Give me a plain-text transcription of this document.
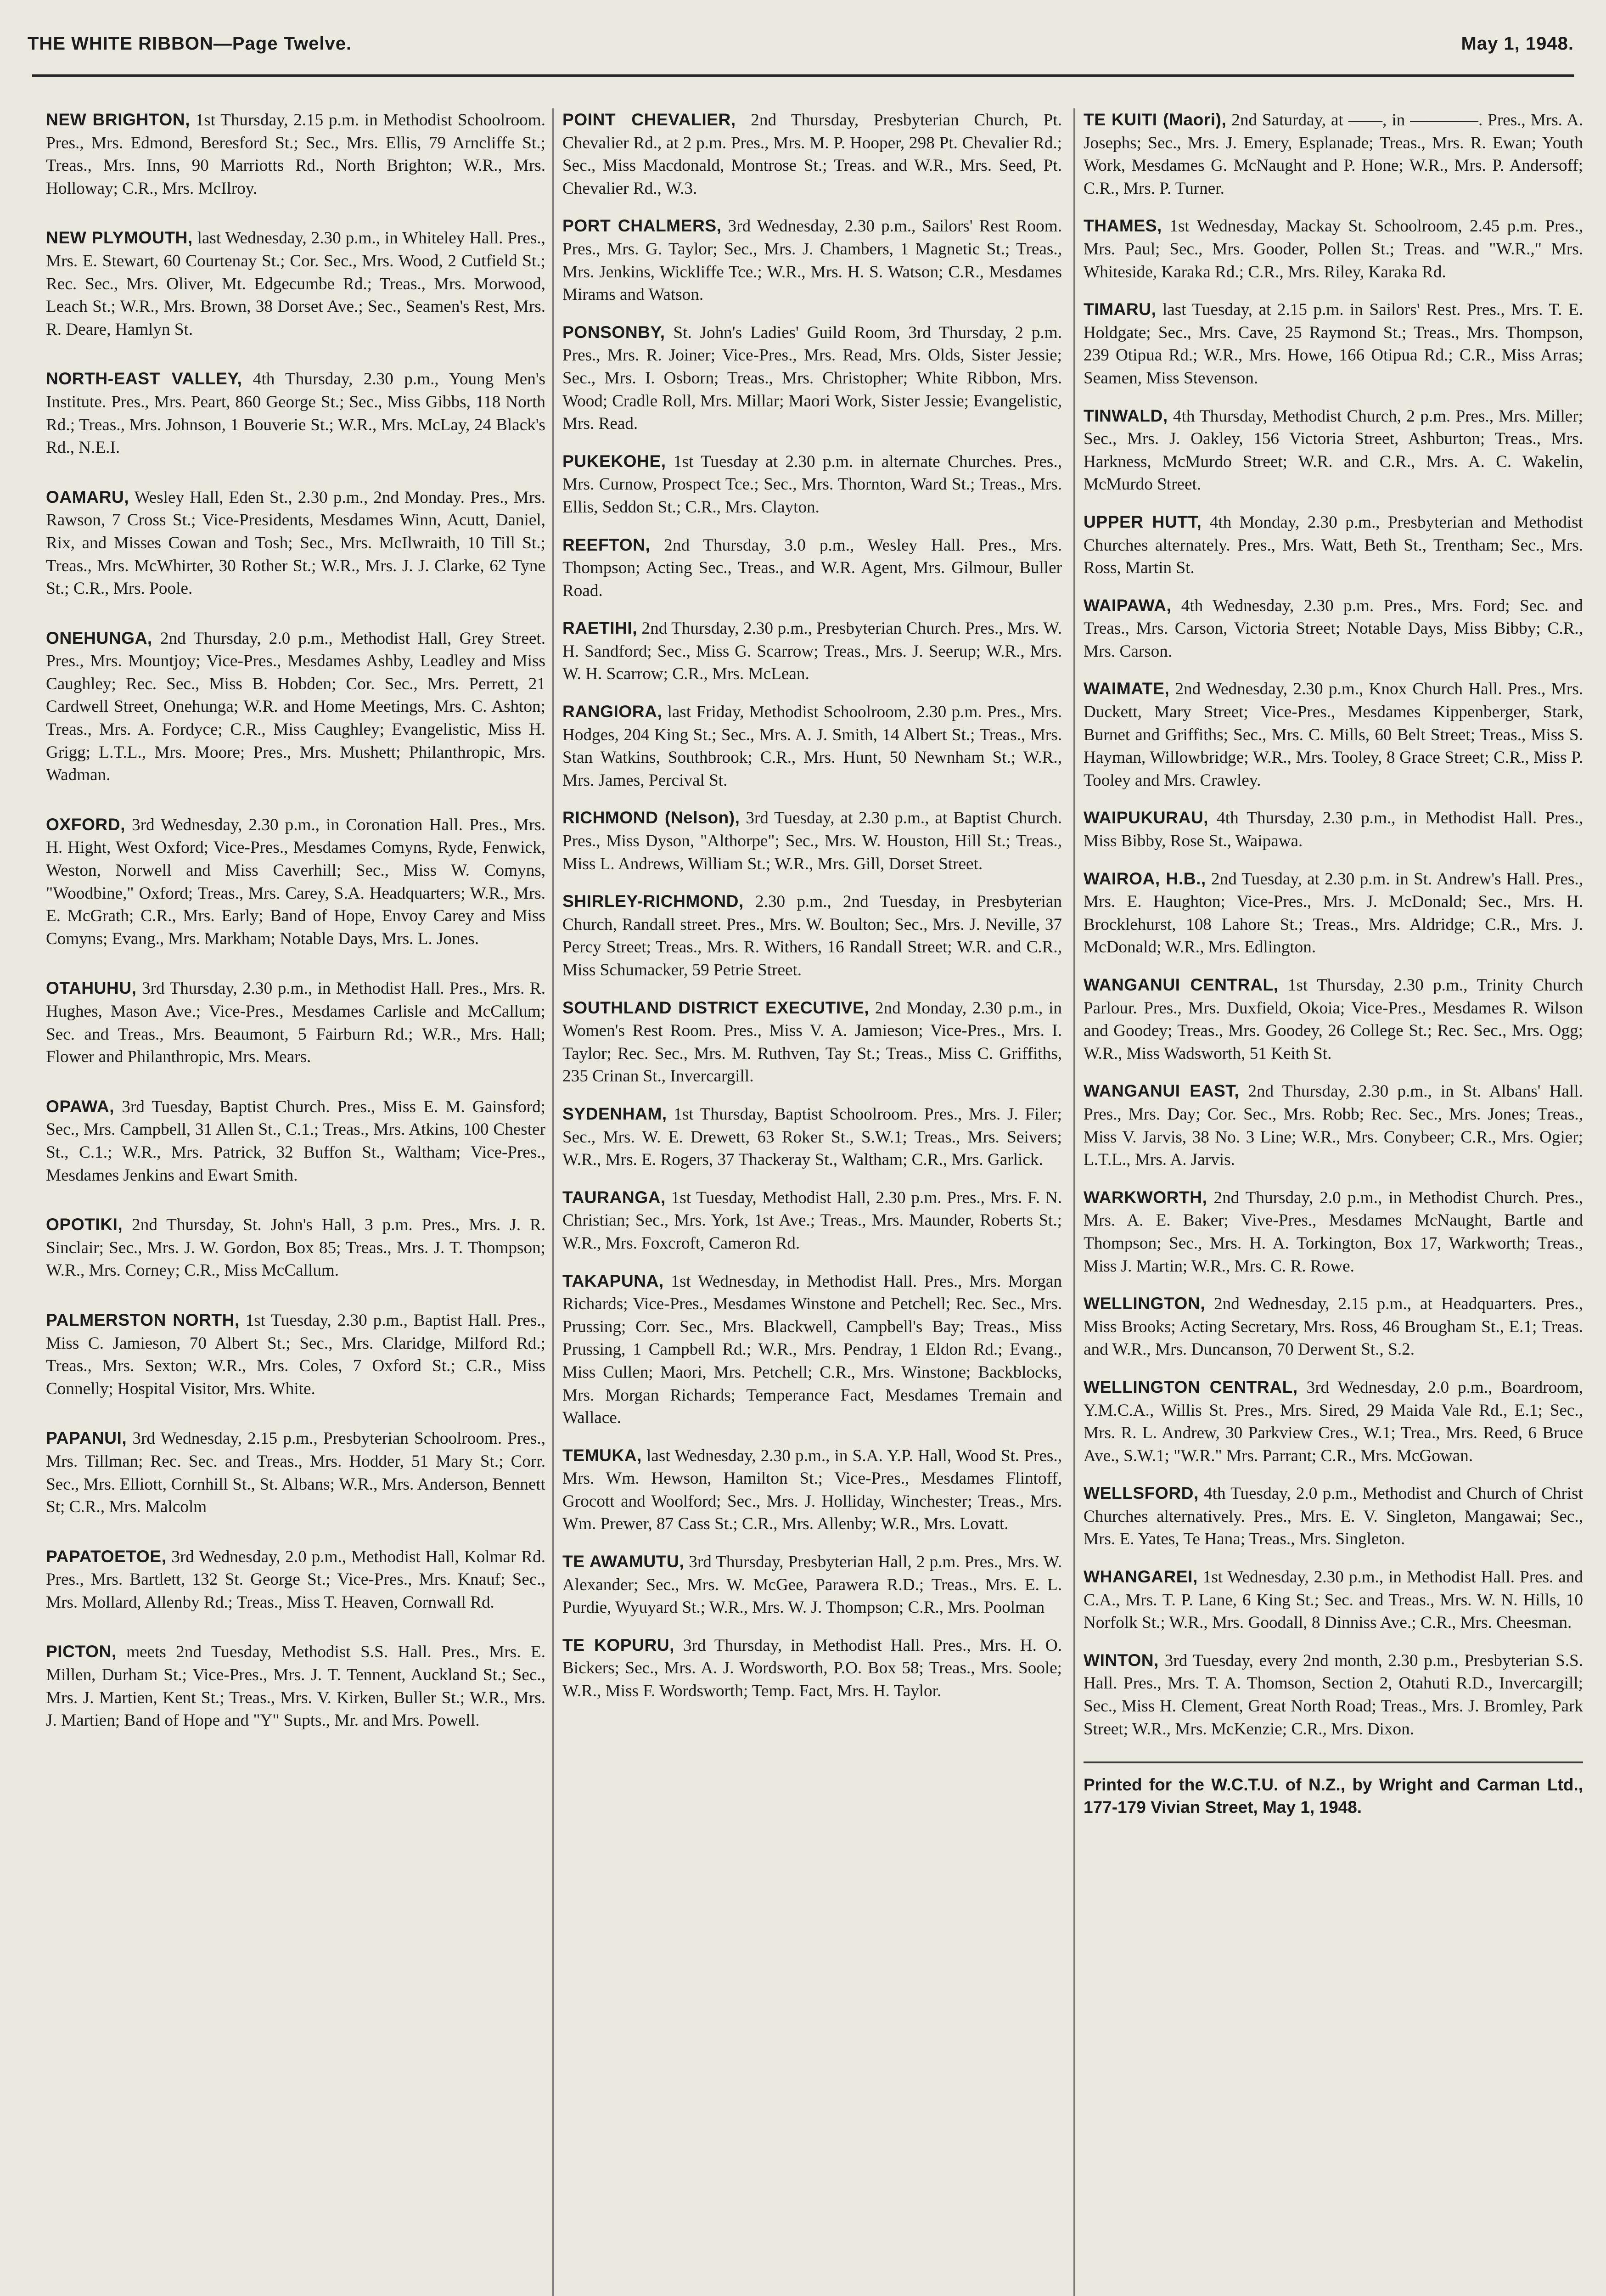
THE WHITE RIBBON—Page Twelve.	May 1, 1948.

NEW BRIGHTON, 1st Thursday, 2.15 p.m. in Methodist Schoolroom. Pres., Mrs. Edmond, Beresford St.; Sec., Mrs. Ellis, 79 Arncliffe St.; Treas., Mrs. Inns, 90 Marriotts Rd., North Brighton; W.R., Mrs. Holloway; C.R., Mrs. McIlroy.

NEW PLYMOUTH, last Wednesday, 2.30 p.m., in Whiteley Hall. Pres., Mrs. E. Stewart, 60 Courtenay St.; Cor. Sec., Mrs. Wood, 2 Cutfield St.; Rec. Sec., Mrs. Oliver, Mt. Edgecumbe Rd.; Treas., Mrs. Morwood, Leach St.; W.R., Mrs. Brown, 38 Dorset Ave.; Sec., Seamen's Rest, Mrs. R. Deare, Hamlyn St.

NORTH-EAST VALLEY, 4th Thursday, 2.30 p.m., Young Men's Institute. Pres., Mrs. Peart, 860 George St.; Sec., Miss Gibbs, 118 North Rd.; Treas., Mrs. Johnson, 1 Bouverie St.; W.R., Mrs. McLay, 24 Black's Rd., N.E.I.

OAMARU, Wesley Hall, Eden St., 2.30 p.m., 2nd Monday. Pres., Mrs. Rawson, 7 Cross St.; Vice-Presidents, Mesdames Winn, Acutt, Daniel, Rix, and Misses Cowan and Tosh; Sec., Mrs. McIlwraith, 10 Till St.; Treas., Mrs. McWhirter, 30 Rother St.; W.R., Mrs. J. J. Clarke, 62 Tyne St.; C.R., Mrs. Poole.

ONEHUNGA, 2nd Thursday, 2.0 p.m., Methodist Hall, Grey Street. Pres., Mrs. Mountjoy; Vice-Pres., Mesdames Ashby, Leadley and Miss Caughley; Rec. Sec., Miss B. Hobden; Cor. Sec., Mrs. Perrett, 21 Cardwell Street, Onehunga; W.R. and Home Meetings, Mrs. C. Ashton; Treas., Mrs. A. Fordyce; C.R., Miss Caughley; Evangelistic, Miss H. Grigg; L.T.L., Mrs. Moore; Pres., Mrs. Mushett; Philanthropic, Mrs. Wadman.

OXFORD, 3rd Wednesday, 2.30 p.m., in Coronation Hall. Pres., Mrs. H. Hight, West Oxford; Vice-Pres., Mesdames Comyns, Ryde, Fenwick, Weston, Norwell and Miss Caverhill; Sec., Miss W. Comyns, "Woodbine," Oxford; Treas., Mrs. Carey, S.A. Headquarters; W.R., Mrs. E. McGrath; C.R., Mrs. Early; Band of Hope, Envoy Carey and Miss Comyns; Evang., Mrs. Markham; Notable Days, Mrs. L. Jones.

OTAHUHU, 3rd Thursday, 2.30 p.m., in Methodist Hall. Pres., Mrs. R. Hughes, Mason Ave.; Vice-Pres., Mesdames Carlisle and McCallum; Sec. and Treas., Mrs. Beaumont, 5 Fairburn Rd.; W.R., Mrs. Hall; Flower and Philanthropic, Mrs. Mears.

OPAWA, 3rd Tuesday, Baptist Church. Pres., Miss E. M. Gainsford; Sec., Mrs. Campbell, 31 Allen St., C.1.; Treas., Mrs. Atkins, 100 Chester St., C.1.; W.R., Mrs. Patrick, 32 Buffon St., Waltham; Vice-Pres., Mesdames Jenkins and Ewart Smith.

OPOTIKI, 2nd Thursday, St. John's Hall, 3 p.m. Pres., Mrs. J. R. Sinclair; Sec., Mrs. J. W. Gordon, Box 85; Treas., Mrs. J. T. Thompson; W.R., Mrs. Corney; C.R., Miss McCallum.

PALMERSTON NORTH, 1st Tuesday, 2.30 p.m., Baptist Hall. Pres., Miss C. Jamieson, 70 Albert St.; Sec., Mrs. Claridge, Milford Rd.; Treas., Mrs. Sexton; W.R., Mrs. Coles, 7 Oxford St.; C.R., Miss Connelly; Hospital Visitor, Mrs. White.

PAPANUI, 3rd Wednesday, 2.15 p.m., Presbyterian Schoolroom. Pres., Mrs. Tillman; Rec. Sec. and Treas., Mrs. Hodder, 51 Mary St.; Corr. Sec., Mrs. Elliott, Cornhill St., St. Albans; W.R., Mrs. Anderson, Bennett St; C.R., Mrs. Malcolm

PAPATOETOE, 3rd Wednesday, 2.0 p.m., Methodist Hall, Kolmar Rd. Pres., Mrs. Bartlett, 132 St. George St.; Vice-Pres., Mrs. Knauf; Sec., Mrs. Mollard, Allenby Rd.; Treas., Miss T. Heaven, Cornwall Rd.

PICTON, meets 2nd Tuesday, Methodist S.S. Hall. Pres., Mrs. E. Millen, Durham St.; Vice-Pres., Mrs. J. T. Tennent, Auckland St.; Sec., Mrs. J. Martien, Kent St.; Treas., Mrs. V. Kirken, Buller St.; W.R., Mrs. J. Martien; Band of Hope and "Y" Supts., Mr. and Mrs. Powell.

POINT CHEVALIER, 2nd Thursday, Presbyterian Church, Pt. Chevalier Rd., at 2 p.m. Pres., Mrs. M. P. Hooper, 298 Pt. Chevalier Rd.; Sec., Miss Macdonald, Montrose St.; Treas. and W.R., Mrs. Seed, Pt. Chevalier Rd., W.3.

PORT CHALMERS, 3rd Wednesday, 2.30 p.m., Sailors' Rest Room. Pres., Mrs. G. Taylor; Sec., Mrs. J. Chambers, 1 Magnetic St.; Treas., Mrs. Jenkins, Wickliffe Tce.; W.R., Mrs. H. S. Watson; C.R., Mesdames Mirams and Watson.

PONSONBY, St. John's Ladies' Guild Room, 3rd Thursday, 2 p.m. Pres., Mrs. R. Joiner; Vice-Pres., Mrs. Read, Mrs. Olds, Sister Jessie; Sec., Mrs. I. Osborn; Treas., Mrs. Christopher; White Ribbon, Mrs. Wood; Cradle Roll, Mrs. Millar; Maori Work, Sister Jessie; Evangelistic, Mrs. Read.

PUKEKOHE, 1st Tuesday at 2.30 p.m. in alternate Churches. Pres., Mrs. Curnow, Prospect Tce.; Sec., Mrs. Thornton, Ward St.; Treas., Mrs. Ellis, Seddon St.; C.R., Mrs. Clayton.

REEFTON, 2nd Thursday, 3.0 p.m., Wesley Hall. Pres., Mrs. Thompson; Acting Sec., Treas., and W.R. Agent, Mrs. Gilmour, Buller Road.

RAETIHI, 2nd Thursday, 2.30 p.m., Presbyterian Church. Pres., Mrs. W. H. Sandford; Sec., Miss G. Scarrow; Treas., Mrs. J. Seerup; W.R., Mrs. W. H. Scarrow; C.R., Mrs. McLean.

RANGIORA, last Friday, Methodist Schoolroom, 2.30 p.m. Pres., Mrs. Hodges, 204 King St.; Sec., Mrs. A. J. Smith, 14 Albert St.; Treas., Mrs. Stan Watkins, Southbrook; C.R., Mrs. Hunt, 50 Newnham St.; W.R., Mrs. James, Percival St.

RICHMOND (Nelson), 3rd Tuesday, at 2.30 p.m., at Baptist Church. Pres., Miss Dyson, "Althorpe"; Sec., Mrs. W. Houston, Hill St.; Treas., Miss L. Andrews, William St.; W.R., Mrs. Gill, Dorset Street.

SHIRLEY-RICHMOND, 2.30 p.m., 2nd Tuesday, in Presbyterian Church, Randall street. Pres., Mrs. W. Boulton; Sec., Mrs. J. Neville, 37 Percy Street; Treas., Mrs. R. Withers, 16 Randall Street; W.R. and C.R., Miss Schumacker, 59 Petrie Street.

SOUTHLAND DISTRICT EXECUTIVE, 2nd Monday, 2.30 p.m., in Women's Rest Room. Pres., Miss V. A. Jamieson; Vice-Pres., Mrs. I. Taylor; Rec. Sec., Mrs. M. Ruthven, Tay St.; Treas., Miss C. Griffiths, 235 Crinan St., Invercargill.

SYDENHAM, 1st Thursday, Baptist Schoolroom. Pres., Mrs. J. Filer; Sec., Mrs. W. E. Drewett, 63 Roker St., S.W.1; Treas., Mrs. Seivers; W.R., Mrs. E. Rogers, 37 Thackeray St., Waltham; C.R., Mrs. Garlick.

TAURANGA, 1st Tuesday, Methodist Hall, 2.30 p.m. Pres., Mrs. F. N. Christian; Sec., Mrs. York, 1st Ave.; Treas., Mrs. Maunder, Roberts St.; W.R., Mrs. Foxcroft, Cameron Rd.

TAKAPUNA, 1st Wednesday, in Methodist Hall. Pres., Mrs. Morgan Richards; Vice-Pres., Mesdames Winstone and Petchell; Rec. Sec., Mrs. Prussing; Corr. Sec., Mrs. Blackwell, Campbell's Bay; Treas., Miss Prussing, 1 Campbell Rd.; W.R., Mrs. Pendray, 1 Eldon Rd.; Evang., Miss Cullen; Maori, Mrs. Petchell; C.R., Mrs. Winstone; Backblocks, Mrs. Morgan Richards; Temperance Fact, Mesdames Tremain and Wallace.

TEMUKA, last Wednesday, 2.30 p.m., in S.A. Y.P. Hall, Wood St. Pres., Mrs. Wm. Hewson, Hamilton St.; Vice-Pres., Mesdames Flintoff, Grocott and Woolford; Sec., Mrs. J. Holliday, Winchester; Treas., Mrs. Wm. Prewer, 87 Cass St.; C.R., Mrs. Allenby; W.R., Mrs. Lovatt.

TE AWAMUTU, 3rd Thursday, Presbyterian Hall, 2 p.m. Pres., Mrs. W. Alexander; Sec., Mrs. W. McGee, Parawera R.D.; Treas., Mrs. E. L. Purdie, Wyuyard St.; W.R., Mrs. W. J. Thompson; C.R., Mrs. Poolman

TE KOPURU, 3rd Thursday, in Methodist Hall. Pres., Mrs. H. O. Bickers; Sec., Mrs. A. J. Wordsworth, P.O. Box 58; Treas., Mrs. Soole; W.R., Miss F. Wordsworth; Temp. Fact, Mrs. H. Taylor.

TE KUITI (Maori), 2nd Saturday, at ——, in ————. Pres., Mrs. A. Josephs; Sec., Mrs. J. Emery, Esplanade; Treas., Mrs. R. Ewan; Youth Work, Mesdames G. McNaught and P. Hone; W.R., Mrs. P. Andersoff; C.R., Mrs. P. Turner.

THAMES, 1st Wednesday, Mackay St. Schoolroom, 2.45 p.m. Pres., Mrs. Paul; Sec., Mrs. Gooder, Pollen St.; Treas. and "W.R.," Mrs. Whiteside, Karaka Rd.; C.R., Mrs. Riley, Karaka Rd.

TIMARU, last Tuesday, at 2.15 p.m. in Sailors' Rest. Pres., Mrs. T. E. Holdgate; Sec., Mrs. Cave, 25 Raymond St.; Treas., Mrs. Thompson, 239 Otipua Rd.; W.R., Mrs. Howe, 166 Otipua Rd.; C.R., Miss Arras; Seamen, Miss Stevenson.

TINWALD, 4th Thursday, Methodist Church, 2 p.m. Pres., Mrs. Miller; Sec., Mrs. J. Oakley, 156 Victoria Street, Ashburton; Treas., Mrs. Harkness, McMurdo Street; W.R. and C.R., Mrs. A. C. Wakelin, McMurdo Street.

UPPER HUTT, 4th Monday, 2.30 p.m., Presbyterian and Methodist Churches alternately. Pres., Mrs. Watt, Beth St., Trentham; Sec., Mrs. Ross, Martin St.

WAIPAWA, 4th Wednesday, 2.30 p.m. Pres., Mrs. Ford; Sec. and Treas., Mrs. Carson, Victoria Street; Notable Days, Miss Bibby; C.R., Mrs. Carson.

WAIMATE, 2nd Wednesday, 2.30 p.m., Knox Church Hall. Pres., Mrs. Duckett, Mary Street; Vice-Pres., Mesdames Kippenberger, Stark, Burnet and Griffiths; Sec., Mrs. C. Mills, 60 Belt Street; Treas., Miss S. Hayman, Willowbridge; W.R., Mrs. Tooley, 8 Grace Street; C.R., Miss P. Tooley and Mrs. Crawley.

WAIPUKURAU, 4th Thursday, 2.30 p.m., in Methodist Hall. Pres., Miss Bibby, Rose St., Waipawa.

WAIROA, H.B., 2nd Tuesday, at 2.30 p.m. in St. Andrew's Hall. Pres., Mrs. E. Haughton; Vice-Pres., Mrs. J. McDonald; Sec., Mrs. H. Brocklehurst, 108 Lahore St.; Treas., Mrs. Aldridge; C.R., Mrs. J. McDonald; W.R., Mrs. Edlington.

WANGANUI CENTRAL, 1st Thursday, 2.30 p.m., Trinity Church Parlour. Pres., Mrs. Duxfield, Okoia; Vice-Pres., Mesdames R. Wilson and Goodey; Treas., Mrs. Goodey, 26 College St.; Rec. Sec., Mrs. Ogg; W.R., Miss Wadsworth, 51 Keith St.

WANGANUI EAST, 2nd Thursday, 2.30 p.m., in St. Albans' Hall. Pres., Mrs. Day; Cor. Sec., Mrs. Robb; Rec. Sec., Mrs. Jones; Treas., Miss V. Jarvis, 38 No. 3 Line; W.R., Mrs. Conybeer; C.R., Mrs. Ogier; L.T.L., Mrs. A. Jarvis.

WARKWORTH, 2nd Thursday, 2.0 p.m., in Methodist Church. Pres., Mrs. A. E. Baker; Vive-Pres., Mesdames McNaught, Bartle and Thompson; Sec., Mrs. H. A. Torkington, Box 17, Warkworth; Treas., Miss J. Martin; W.R., Mrs. C. R. Rowe.

WELLINGTON, 2nd Wednesday, 2.15 p.m., at Headquarters. Pres., Miss Brooks; Acting Secretary, Mrs. Ross, 46 Brougham St., E.1; Treas. and W.R., Mrs. Duncanson, 70 Derwent St., S.2.

WELLINGTON CENTRAL, 3rd Wednesday, 2.0 p.m., Boardroom, Y.M.C.A., Willis St. Pres., Mrs. Sired, 29 Maida Vale Rd., E.1; Sec., Mrs. R. L. Andrew, 30 Parkview Cres., W.1; Trea., Mrs. Reed, 6 Bruce Ave., S.W.1; "W.R." Mrs. Parrant; C.R., Mrs. McGowan.

WELLSFORD, 4th Tuesday, 2.0 p.m., Methodist and Church of Christ Churches alternatively. Pres., Mrs. E. V. Singleton, Mangawai; Sec., Mrs. E. Yates, Te Hana; Treas., Mrs. Singleton.

WHANGAREI, 1st Wednesday, 2.30 p.m., in Methodist Hall. Pres. and C.A., Mrs. T. P. Lane, 6 King St.; Sec. and Treas., Mrs. W. N. Hills, 10 Norfolk St.; W.R., Mrs. Goodall, 8 Dinniss Ave.; C.R., Mrs. Cheesman.

WINTON, 3rd Tuesday, every 2nd month, 2.30 p.m., Presbyterian S.S. Hall. Pres., Mrs. T. A. Thomson, Section 2, Otahuti R.D., Invercargill; Sec., Miss H. Clement, Great North Road; Treas., Mrs. J. Bromley, Park Street; W.R., Mrs. McKenzie; C.R., Mrs. Dixon.

Printed for the W.C.T.U. of N.Z., by Wright and Carman Ltd., 177-179 Vivian Street, May 1, 1948.
